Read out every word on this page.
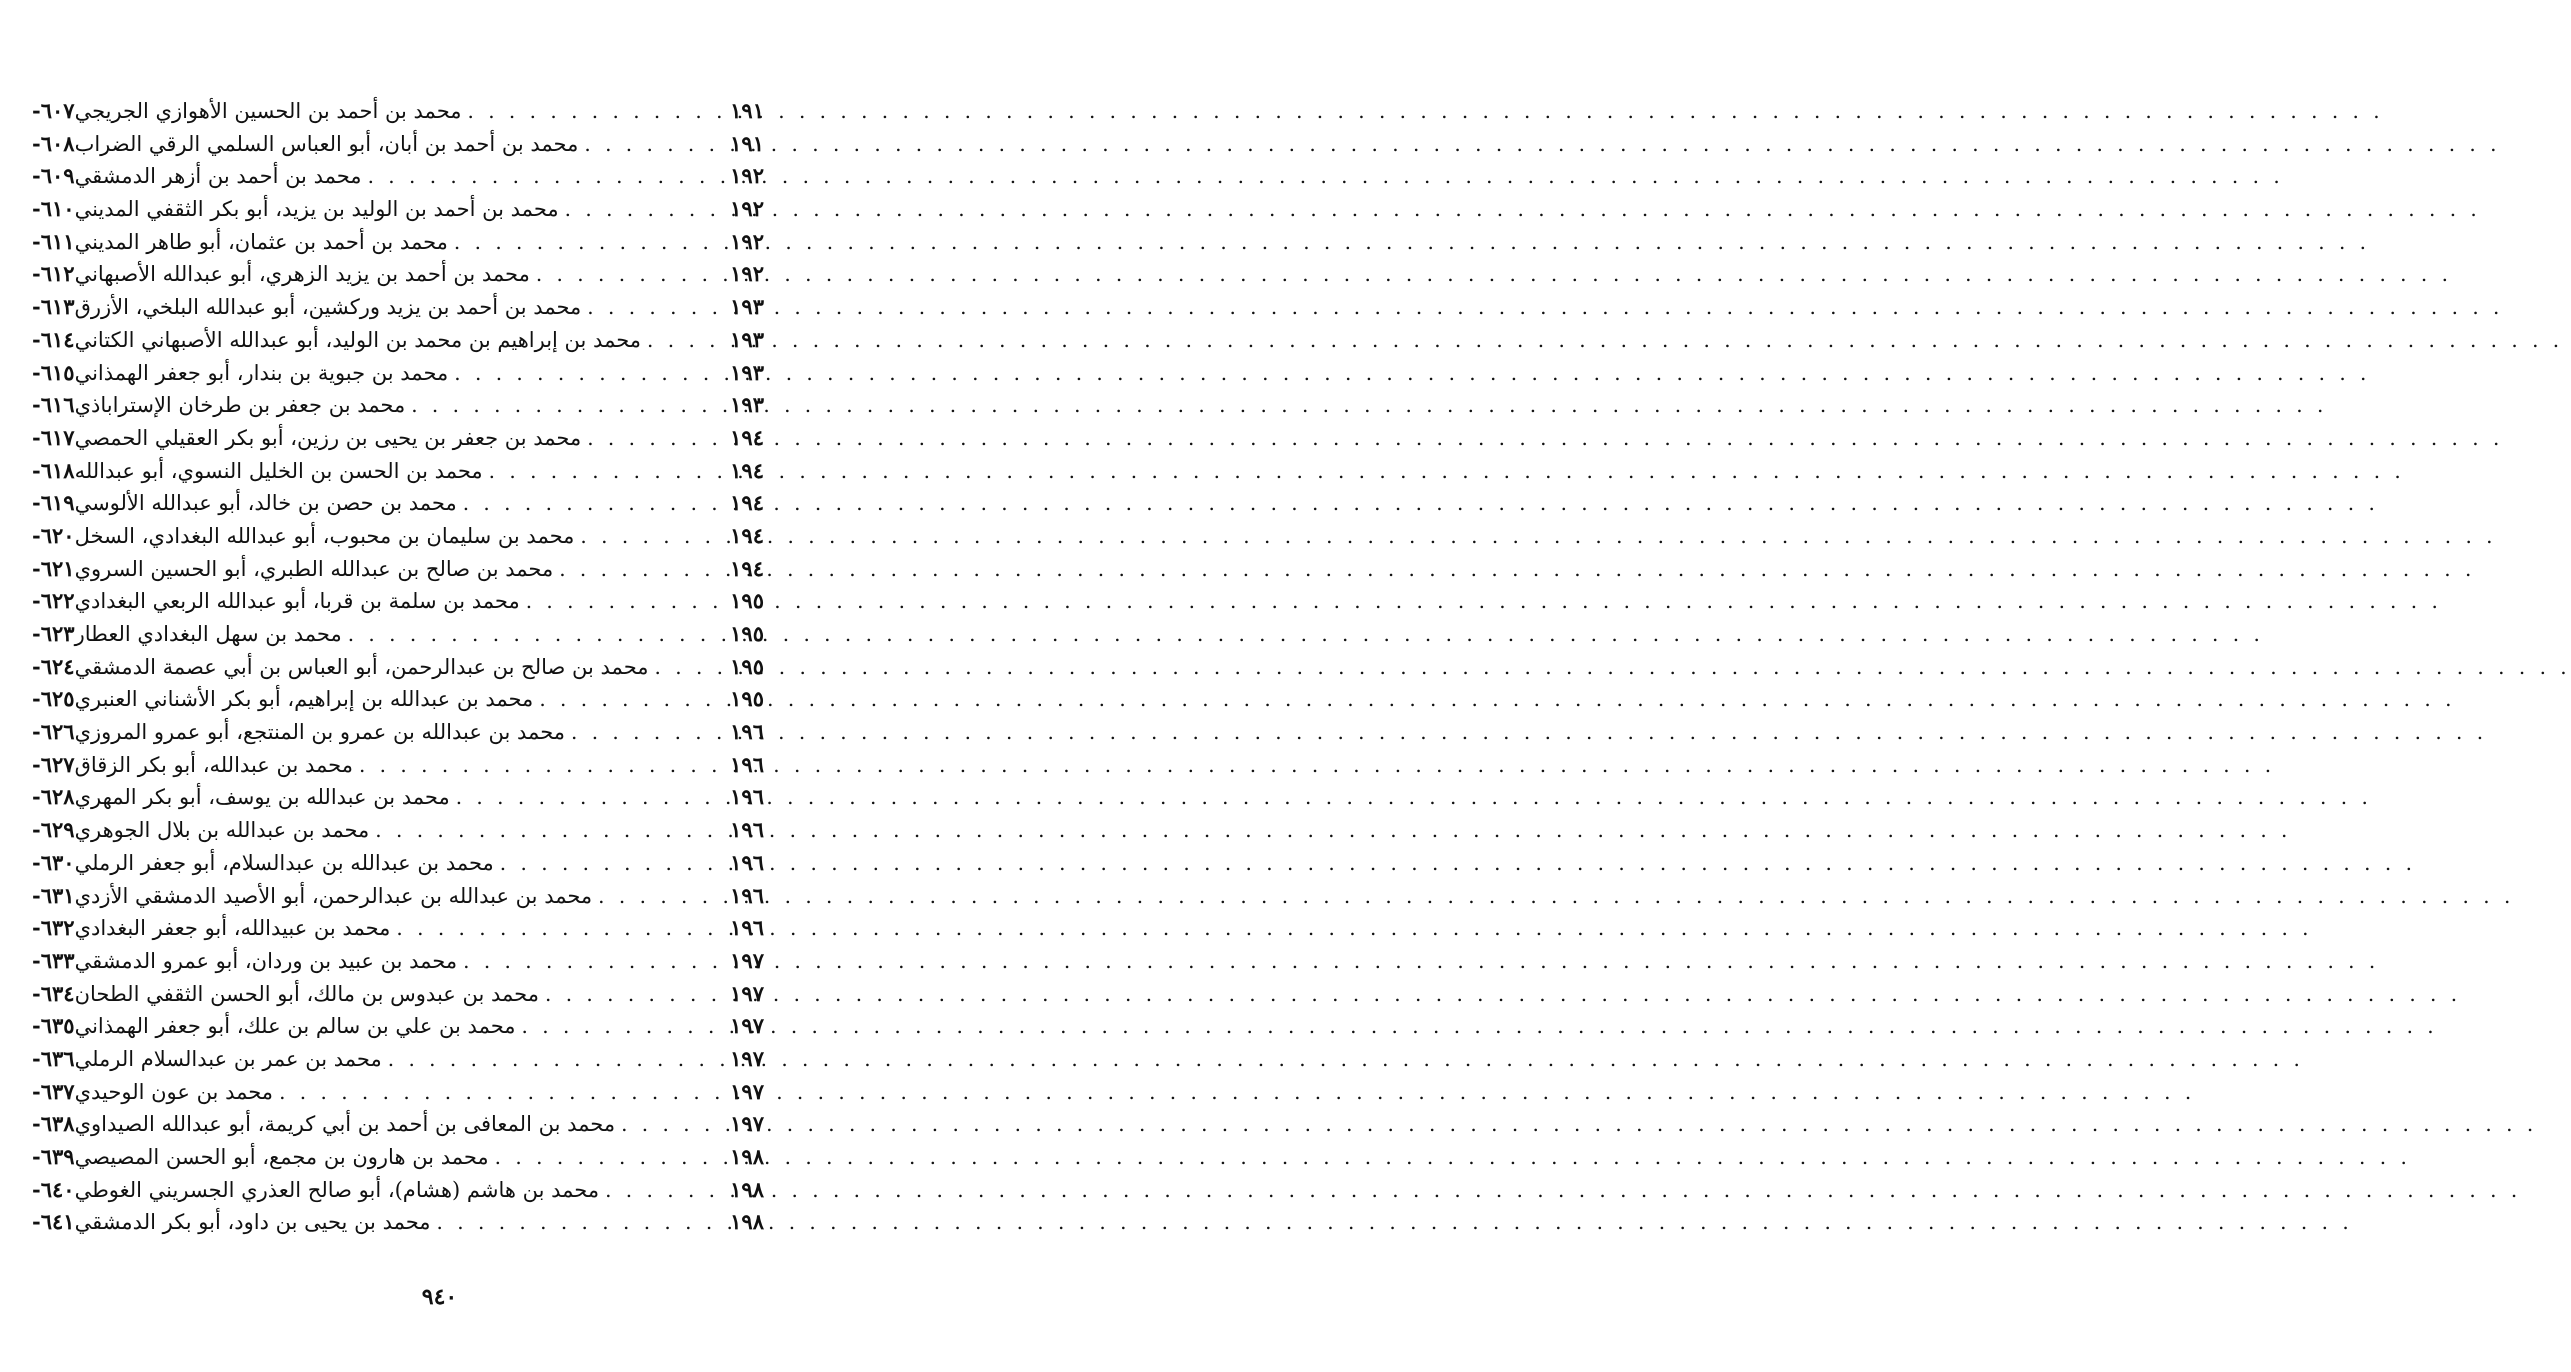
٦٠٧- محمد بن أحمد بن الحسين الأهوازي الجريجي . . .	١٩١
٦٠٨- محمد بن أحمد بن أبان، أبو العباس السلمي الرقي الضراب . . .	١٩١
٦٠٩- محمد بن أحمد بن أزهر الدمشقي . . .	١٩٢
٦١٠- محمد بن أحمد بن الوليد بن يزيد، أبو بكر الثقفي المديني . . .	١٩٢
٦١١- محمد بن أحمد بن عثمان، أبو طاهر المديني . . .	١٩٢
٦١٢- محمد بن أحمد بن يزيد الزهري، أبو عبدالله الأصبهاني . . .	١٩٢
٦١٣- محمد بن أحمد بن يزيد وركشين، أبو عبدالله البلخي، الأزرق . . .	١٩٣
٦١٤- محمد بن إبراهيم بن محمد بن الوليد، أبو عبدالله الأصبهاني الكتاني . . .	١٩٣
٦١٥- محمد بن جبوية بن بندار، أبو جعفر الهمذاني . . .	١٩٣
٦١٦- محمد بن جعفر بن طرخان الإستراباذي . . .	١٩٣
٦١٧- محمد بن جعفر بن يحيى بن رزين، أبو بكر العقيلي الحمصي . . .	١٩٤
٦١٨- محمد بن الحسن بن الخليل النسوي، أبو عبدالله . . .	١٩٤
٦١٩- محمد بن حصن بن خالد، أبو عبدالله الألوسي . . .	١٩٤
٦٢٠- محمد بن سليمان بن محبوب، أبو عبدالله البغدادي، السخل . . .	١٩٤
٦٢١- محمد بن صالح بن عبدالله الطبري، أبو الحسين السروي . . .	١٩٤
٦٢٢- محمد بن سلمة بن قربا، أبو عبدالله الربعي البغدادي . . .	١٩٥
٦٢٣- محمد بن سهل البغدادي العطار . . .	١٩٥
٦٢٤- محمد بن صالح بن عبدالرحمن، أبو العباس بن أبي عصمة الدمشقي . . .	١٩٥
٦٢٥- محمد بن عبدالله بن إبراهيم، أبو بكر الأشناني العنبري . . .	١٩٥
٦٢٦- محمد بن عبدالله بن عمرو بن المنتجع، أبو عمرو المروزي . . .	١٩٦
٦٢٧- محمد بن عبدالله، أبو بكر الزقاق . . .	١٩٦
٦٢٨- محمد بن عبدالله بن يوسف، أبو بكر المهري . . .	١٩٦
٦٢٩- محمد بن عبدالله بن بلال الجوهري . . .	١٩٦
٦٣٠- محمد بن عبدالله بن عبدالسلام، أبو جعفر الرملي . . .	١٩٦
٦٣١- محمد بن عبدالله بن عبدالرحمن، أبو الأصيد الدمشقي الأزدي . . .	١٩٦
٦٣٢- محمد بن عبيدالله، أبو جعفر البغدادي . . .	١٩٦
٦٣٣- محمد بن عبيد بن وردان، أبو عمرو الدمشقي . . .	١٩٧
٦٣٤- محمد بن عبدوس بن مالك، أبو الحسن الثقفي الطحان . . .	١٩٧
٦٣٥- محمد بن علي بن سالم بن علك، أبو جعفر الهمذاني . . .	١٩٧
٦٣٦- محمد بن عمر بن عبدالسلام الرملي . . .	١٩٧
٦٣٧- محمد بن عون الوحيدي . . .	١٩٧
٦٣٨- محمد بن المعافى بن أحمد بن أبي كريمة، أبو عبدالله الصيداوي . . .	١٩٧
٦٣٩- محمد بن هارون بن مجمع، أبو الحسن المصيصي . . .	١٩٨
٦٤٠- محمد بن هاشم (هشام)، أبو صالح العذري الجسريني الغوطي . . .	١٩٨
٦٤١- محمد بن يحيى بن داود، أبو بكر الدمشقي . . .	١٩٨
٩٤٠
